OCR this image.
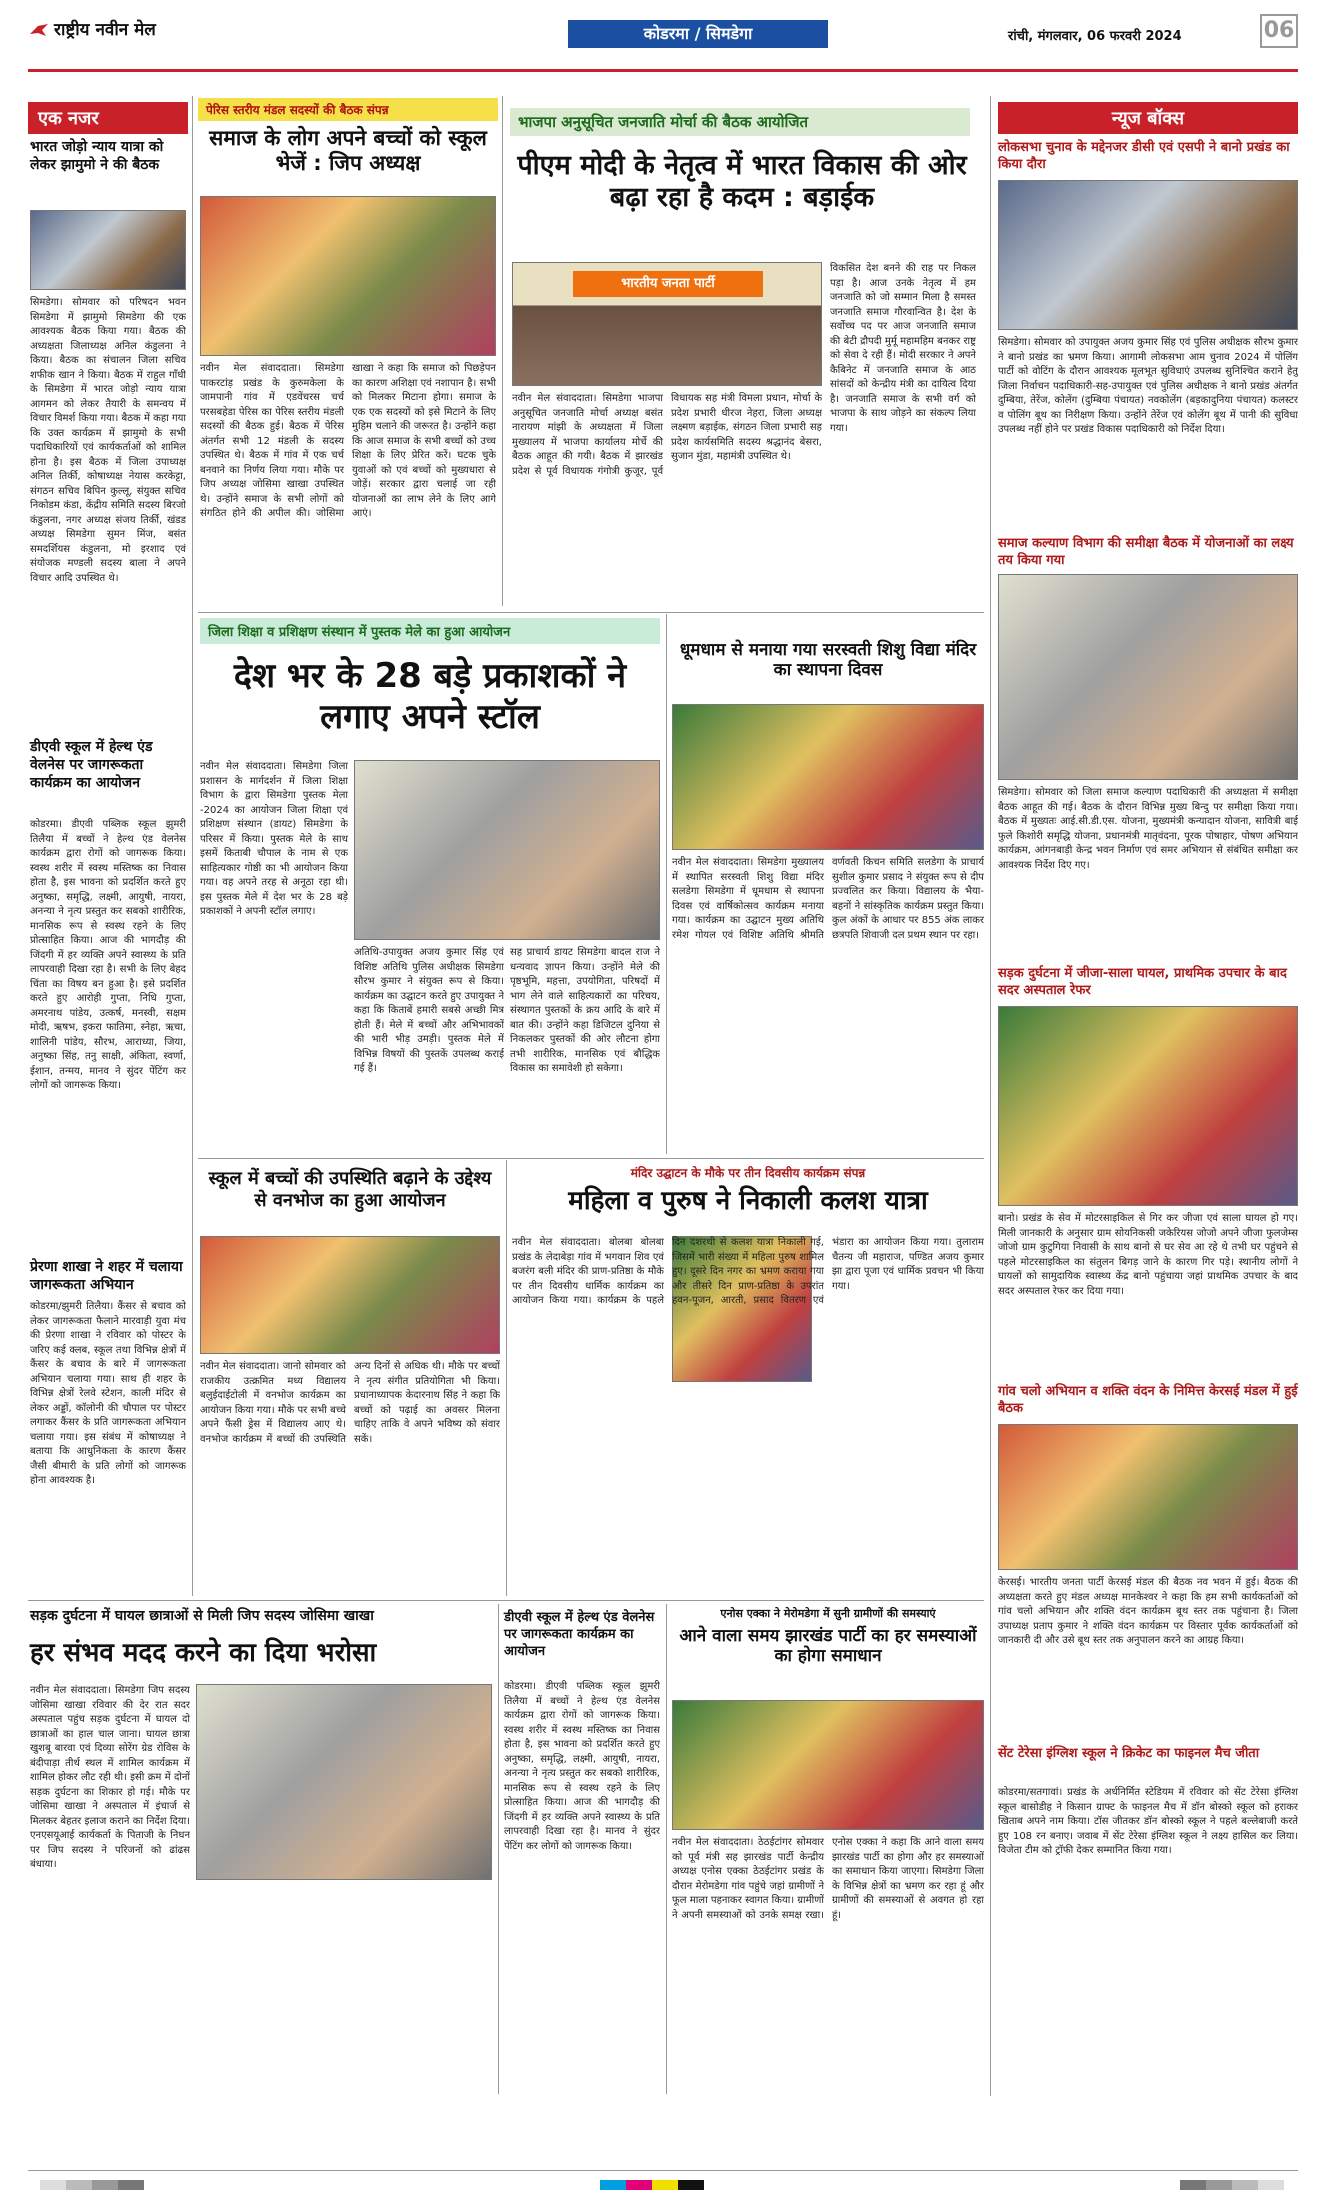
राष्ट्रीय नवीन मेल	कोडरमा / सिमडेगा	रांची, मंगलवार, 06 फरवरी 2024	06
एक नजर
भारत जोड़ो न्याय यात्रा को लेकर झामुमो ने की बैठक
सिमडेगा। सोमवार को परिषदन भवन सिमडेगा में झामुमो सिमडेगा की एक आवश्यक बैठक किया गया। बैठक की अध्यक्षता जिलाध्यक्ष अनिल कंडुलना ने किया। बैठक का संचालन जिला सचिव शफीक खान ने किया। बैठक में राहुल गाँधी के सिमडेगा में भारत जोड़ो न्याय यात्रा आगमन को लेकर तैयारी के समन्वय में विचार विमर्श किया गया। बैठक में कहा गया कि उक्त कार्यक्रम में झामुमो के सभी पदाधिकारियों एवं कार्यकर्ताओं को शामिल होना है। इस बैठक में जिला उपाध्यक्ष अनिल तिर्की, कोषाध्यक्ष नेयास करकेट्टा, संगठन सचिव बिपिन कुल्लू, संयुक्त सचिव निकोडम कंडा, केंद्रीय समिति सदस्य बिरजो कंडुलना, नगर अध्यक्ष संजय तिर्की, खंडड अध्यक्ष सिमडेगा सुमन मिंज, बसंत समदर्शियस कंडुलना, मो इरशाद एवं संयोजक मण्डली सदस्य बाला ने अपने विचार आदि उपस्थित थे।
डीएवी स्कूल में हेल्थ एंड वेलनेस पर जागरूकता कार्यक्रम का आयोजन
कोडरमा। डीएवी पब्लिक स्कूल झुमरी तिलैया में बच्चों ने हेल्थ एंड वेलनेस कार्यक्रम द्वारा रोगों को जागरूक किया। स्वस्थ शरीर में स्वस्थ मस्तिष्क का निवास होता है, इस भावना को प्रदर्शित करते हुए अनुष्का, समृद्धि, लक्ष्मी, आयुषी, नायरा, अनन्या ने नृत्य प्रस्तुत कर सबको शारीरिक, मानसिक रूप से स्वस्थ रहने के लिए प्रोत्साहित किया। आज की भागदौड़ की जिंदगी में हर व्यक्ति अपने स्वास्थ्य के प्रति लापरवाही दिखा रहा है। सभी के लिए बेहद चिंता का विषय बन हुआ है। इसे प्रदर्शित करते हुए आरोही गुप्ता, निधि गुप्ता, अमरनाथ पांडेय, उत्कर्ष, मनस्वी, सक्षम मोदी, ऋषभ, इकरा फातिमा, स्नेहा, ऋचा, शालिनी पांडेय, सौरभ, आराध्या, जिया, अनुष्का सिंह, तनु साक्षी, अंकिता, स्वर्णा, ईशान, तन्मय, मानव ने सुंदर पेंटिंग कर लोगों को जागरूक किया।
प्रेरणा शाखा ने शहर में चलाया जागरूकता अभियान
कोडरमा/झुमरी तिलैया। कैंसर से बचाव को लेकर जागरूकता फैलाने मारवाड़ी युवा मंच की प्रेरणा शाखा ने रविवार को पोस्टर के जरिए कई क्लब, स्कूल तथा विभिन्न क्षेत्रों में कैंसर के बचाव के बारे में जागरूकता अभियान चलाया गया। साथ ही शहर के विभिन्न क्षेत्रों रेलवे स्टेशन, काली मंदिर से लेकर अड्डों, कॉलोनी की चौपाल पर पोस्टर लगाकर कैंसर के प्रति जागरूकता अभियान चलाया गया। इस संबंध में कोषाध्यक्ष ने बताया कि आधुनिकता के कारण कैंसर जैसी बीमारी के प्रति लोगों को जागरूक होना आवश्यक है।
पेरिस स्तरीय मंडल सदस्यों की बैठक संपन्न
समाज के लोग अपने बच्चों को स्कूल भेजें : जिप अध्यक्ष
नवीन मेल संवाददाता। सिमडेगा पाकरटांड़ प्रखंड के कुरुमकेला के जामपानी गांव में एडवेंचरस चर्च परसबहेडा पेरिस का पेरिस स्तरीय मंडली सदस्यों की बैठक हुई। बैठक में पेरिस अंतर्गत सभी 12 मंडली के सदस्य उपस्थित थे। बैठक में गांव में एक चर्च बनवाने का निर्णय लिया गया। मौके पर जिप अध्यक्ष जोसिमा खाखा उपस्थित थे। उन्होंने समाज के सभी लोगों को संगठित होने की अपील की। जोसिमा खाखा ने कहा कि समाज को पिछड़ेपन का कारण अशिक्षा एवं नशापान है। सभी को मिलकर मिटाना होगा। समाज के एक एक सदस्यों को इसे मिटाने के लिए मुहिम चलाने की जरूरत है। उन्होंने कहा कि आज समाज के सभी बच्चों को उच्च शिक्षा के लिए प्रेरित करें। घटक चुके युवाओं को एवं बच्चों को मुख्यधारा से जोड़ें। सरकार द्वारा चलाई जा रही योजनाओं का लाभ लेने के लिए आगे आएं।
भाजपा अनुसूचित जनजाति मोर्चा की बैठक आयोजित
पीएम मोदी के नेतृत्व में भारत विकास की ओर बढ़ा रहा है कदम : बड़ाईक
भारतीय जनता पार्टी
नवीन मेल संवाददाता। सिमडेगा भाजपा अनुसूचित जनजाति मोर्चा अध्यक्ष बसंत नारायण मांझी के अध्यक्षता में जिला मुख्यालय में भाजपा कार्यालय मोर्चे की बैठक आहूत की गयी। बैठक में झारखंड प्रदेश से पूर्व विधायक गंगोत्री कुजूर, पूर्व विधायक सह मंत्री विमला प्रधान, मोर्चा के प्रदेश प्रभारी धीरज नेहरा, जिला अध्यक्ष लक्ष्मण बड़ाईक, संगठन जिला प्रभारी सह प्रदेश कार्यसमिति सदस्य श्रद्धानंद बेसरा, सुजान मुंडा, महामंत्री उपस्थित थे।
विकसित देश बनने की राह पर निकल पड़ा है। आज उनके नेतृत्व में हम जनजाति को जो सम्मान मिला है समस्त जनजाति समाज गौरवान्वित है। देश के सर्वोच्च पद पर आज जनजाति समाज की बेटी द्रौपदी मुर्मू महामहिम बनकर राष्ट्र को सेवा दे रही हैं। मोदी सरकार ने अपने कैबिनेट में जनजाति समाज के आठ सांसदों को केन्द्रीय मंत्री का दायित्व दिया है। जनजाति समाज के सभी वर्ग को भाजपा के साथ जोड़ने का संकल्प लिया गया।
न्यूज बॉक्स
लोकसभा चुनाव के मद्देनजर डीसी एवं एसपी ने बानो प्रखंड का किया दौरा
सिमडेगा। सोमवार को उपायुक्त अजय कुमार सिंह एवं पुलिस अधीक्षक सौरभ कुमार ने बानो प्रखंड का भ्रमण किया। आगामी लोकसभा आम चुनाव 2024 में पोलिंग पार्टी को वोटिंग के दौरान आवश्यक मूलभूत सुविधाएं उपलब्ध सुनिश्चित कराने हेतु जिला निर्वाचन पदाधिकारी-सह-उपायुक्त एवं पुलिस अधीक्षक ने बानो प्रखंड अंतर्गत दुम्बिया, तेरेंज, कोलेंग (दुम्बिया पंचायत) नवकोलेंग (बड़कादुनिया पंचायत) कलस्टर व पोलिंग बूथ का निरीक्षण किया। उन्होंने तेरेंज एवं कोलेंग बूथ में पानी की सुविधा उपलब्ध नहीं होने पर प्रखंड विकास पदाधिकारी को निर्देश दिया।
समाज कल्याण विभाग की समीक्षा बैठक में योजनाओं का लक्ष्य तय किया गया
सिमडेगा। सोमवार को जिला समाज कल्याण पदाधिकारी की अध्यक्षता में समीक्षा बैठक आहूत की गई। बैठक के दौरान विभिन्न मुख्य बिन्दु पर समीक्षा किया गया। बैठक में मुख्यतः आई.सी.डी.एस. योजना, मुख्यमंत्री कन्यादान योजना, सावित्री बाई फुले किशोरी समृद्धि योजना, प्रधानमंत्री मातृवंदना, पूरक पोषाहार, पोषण अभियान कार्यक्रम, आंगनबाड़ी केन्द्र भवन निर्माण एवं समर अभियान से संबंधित समीक्षा कर आवश्यक निर्देश दिए गए।
सड़क दुर्घटना में जीजा-साला घायल, प्राथमिक उपचार के बाद सदर अस्पताल रेफर
बानो। प्रखंड के सेव में मोटरसाइकिल से गिर कर जीजा एवं साला घायल हो गए। मिली जानकारी के अनुसार ग्राम सोयनिकसी जकेरियस जोजो अपने जीजा फुलजेम्स जोजो ग्राम कुटुगिया निवासी के साथ बानो से घर सेव आ रहे थे तभी घर पहुंचने से पहले मोटरसाइकिल का संतुलन बिगड़ जाने के कारण गिर पड़े। स्थानीय लोगों ने घायलों को सामुदायिक स्वास्थ्य केंद्र बानो पहुंचाया जहां प्राथमिक उपचार के बाद सदर अस्पताल रेफर कर दिया गया।
गांव चलो अभियान व शक्ति वंदन के निमित्त केरसई मंडल में हुई बैठक
केरसई। भारतीय जनता पार्टी केरसई मंडल की बैठक नव भवन में हुई। बैठक की अध्यक्षता करते हुए मंडल अध्यक्ष मानकेश्वर ने कहा कि हम सभी कार्यकर्ताओं को गांव चलो अभियान और शक्ति वंदन कार्यक्रम बूथ स्तर तक पहुंचाना है। जिला उपाध्यक्ष प्रताप कुमार ने शक्ति वंदन कार्यक्रम पर विस्तार पूर्वक कार्यकर्ताओं को जानकारी दी और उसे बूथ स्तर तक अनुपालन करने का आग्रह किया।
सेंट टेरेसा इंग्लिश स्कूल ने क्रिकेट का फाइनल मैच जीता
कोडरमा/सतगावां। प्रखंड के अर्धनिर्मित स्टेडियम में रविवार को सेंट टेरेसा इंग्लिश स्कूल बासोडीह ने किसान ग्राफ्ट के फाइनल मैच में डॉन बोस्को स्कूल को हराकर खिताब अपने नाम किया। टॉस जीतकर डॉन बोस्को स्कूल ने पहले बल्लेबाजी करते हुए 108 रन बनाए। जवाब में सेंट टेरेसा इंग्लिश स्कूल ने लक्ष्य हासिल कर लिया। विजेता टीम को ट्रॉफी देकर सम्मानित किया गया।
जिला शिक्षा व प्रशिक्षण संस्थान में पुस्तक मेले का हुआ आयोजन
देश भर के 28 बड़े प्रकाशकों ने लगाए अपने स्टॉल
नवीन मेल संवाददाता। सिमडेगा जिला प्रशासन के मार्गदर्शन में जिला शिक्षा विभाग के द्वारा सिमडेगा पुस्तक मेला -2024 का आयोजन जिला शिक्षा एवं प्रशिक्षण संस्थान (डायट) सिमडेगा के परिसर में किया। पुस्तक मेले के साथ इसमें किताबी चौपाल के नाम से एक साहित्यकार गोष्ठी का भी आयोजन किया गया। वह अपने तरह से अनूठा रहा थी। इस पुस्तक मेले में देश भर के 28 बड़े प्रकाशकों ने अपनी स्टॉल लगाए।
अतिथि-उपायुक्त अजय कुमार सिंह एवं विशिष्ट अतिथि पुलिस अधीक्षक सिमडेगा सौरभ कुमार ने संयुक्त रूप से किया। कार्यक्रम का उद्घाटन करते हुए उपायुक्त ने कहा कि किताबें हमारी सबसे अच्छी मित्र होती हैं। मेले में बच्चों और अभिभावकों की भारी भीड़ उमड़ी। पुस्तक मेले में विभिन्न विषयों की पुस्तकें उपलब्ध कराई गई हैं।
सह प्राचार्य डायट सिमडेगा बादल राज ने धन्यवाद ज्ञापन किया। उन्होंने मेले की पृष्ठभूमि, महत्ता, उपयोगिता, परिषदों में भाग लेने वाले साहित्यकारों का परिचय, संस्थागत पुस्तकों के क्रय आदि के बारे में बात की। उन्होंने कहा डिजिटल दुनिया से निकलकर पुस्तकों की ओर लौटना होगा तभी शारीरिक, मानसिक एवं बौद्धिक विकास का समावेशी हो सकेगा।
धूमधाम से मनाया गया सरस्वती शिशु विद्या मंदिर का स्थापना दिवस
नवीन मेल संवाददाता। सिमडेगा मुख्यालय में स्थापित सरस्वती शिशु विद्या मंदिर सलडेगा सिमडेगा में धूमधाम से स्थापना दिवस एवं वार्षिकोत्सव कार्यक्रम मनाया गया। कार्यक्रम का उद्घाटन मुख्य अतिथि रमेश गोयल एवं विशिष्ट अतिथि श्रीमति वर्णवती किचन समिति सलडेगा के प्राचार्य सुशील कुमार प्रसाद ने संयुक्त रूप से दीप प्रज्वलित कर किया। विद्यालय के भैया-बहनों ने सांस्कृतिक कार्यक्रम प्रस्तुत किया। कुल अंकों के आधार पर 855 अंक लाकर छत्रपति शिवाजी दल प्रथम स्थान पर रहा।
स्कूल में बच्चों की उपस्थिति बढ़ाने के उद्देश्य से वनभोज का हुआ आयोजन
नवीन मेल संवाददाता। जानो सोमवार को राजकीय उत्क्रमित मध्य विद्यालय बलुईदाईटोली में वनभोज कार्यक्रम का आयोजन किया गया। मौके पर सभी बच्चे अपने फैंसी ड्रेस में विद्यालय आए थे। वनभोज कार्यक्रम में बच्चों की उपस्थिति अन्य दिनों से अधिक थी। मौके पर बच्चों ने नृत्य संगीत प्रतियोगिता भी किया। प्रधानाध्यापक केदारनाथ सिंह ने कहा कि बच्चों को पढ़ाई का अवसर मिलना चाहिए ताकि वे अपने भविष्य को संवार सकें।
मंदिर उद्घाटन के मौके पर तीन दिवसीय कार्यक्रम संपन्न
महिला व पुरुष ने निकाली कलश यात्रा
नवीन मेल संवाददाता। बोलबा बोलबा प्रखंड के लेदाबेड़ा गांव में भगवान शिव एवं बजरंग बली मंदिर की प्राण-प्रतिष्ठा के मौके पर तीन दिवसीय धार्मिक कार्यक्रम का आयोजन किया गया। कार्यक्रम के पहले दिन दशरथी से कलश यात्रा निकाली गई, जिसमें भारी संख्या में महिला पुरुष शामिल हुए। दूसरे दिन नगर का भ्रमण कराया गया और तीसरे दिन प्राण-प्रतिष्ठा के उपरांत हवन-पूजन, आरती, प्रसाद वितरण एवं भंडारा का आयोजन किया गया। तुलाराम चैतन्य जी महाराज, पण्डित अजय कुमार झा द्वारा पूजा एवं धार्मिक प्रवचन भी किया गया।
सड़क दुर्घटना में घायल छात्राओं से मिली जिप सदस्य जोसिमा खाखा
हर संभव मदद करने का दिया भरोसा
नवीन मेल संवाददाता। सिमडेगा जिप सदस्य जोसिमा खाखा रविवार की देर रात सदर अस्पताल पहुंच सड़क दुर्घटना में घायल दो छात्राओं का हाल चाल जाना। घायल छात्रा खुशबू बारवा एवं दिव्या सोरेंग ग्रेड रोविस के बंदीपाड़ा तीर्थ स्थल में शामिल कार्यक्रम में शामिल होकर लौट रही थी। इसी क्रम में दोनों सड़क दुर्घटना का शिकार हो गई। मौके पर जोसिमा खाखा ने अस्पताल में इंचार्ज से मिलकर बेहतर इलाज कराने का निर्देश दिया। एनएसयूआई कार्यकर्ता के पिताजी के निधन पर जिप सदस्य ने परिजनों को ढांढस बंधाया।
डीएवी स्कूल में हेल्थ एंड वेलनेस पर जागरूकता कार्यक्रम का आयोजन
कोडरमा। डीएवी पब्लिक स्कूल झुमरी तिलैया में बच्चों ने हेल्थ एंड वेलनेस कार्यक्रम द्वारा रोगों को जागरूक किया। स्वस्थ शरीर में स्वस्थ मस्तिष्क का निवास होता है, इस भावना को प्रदर्शित करते हुए अनुष्का, समृद्धि, लक्ष्मी, आयुषी, नायरा, अनन्या ने नृत्य प्रस्तुत कर सबको शारीरिक, मानसिक रूप से स्वस्थ रहने के लिए प्रोत्साहित किया। आज की भागदौड़ की जिंदगी में हर व्यक्ति अपने स्वास्थ्य के प्रति लापरवाही दिखा रहा है। मानव ने सुंदर पेंटिंग कर लोगों को जागरूक किया।
एनोस एक्का ने मेरोमडेगा में सुनी ग्रामीणों की समस्याएं
आने वाला समय झारखंड पार्टी का हर समस्याओं का होगा समाधान
नवीन मेल संवाददाता। ठेठईटांगर सोमवार को पूर्व मंत्री सह झारखंड पार्टी केन्द्रीय अध्यक्ष एनोस एक्का ठेठईटांगर प्रखंड के दौरान मेरोमडेगा गांव पहुंचे जहां ग्रामीणों ने फूल माला पहनाकर स्वागत किया। ग्रामीणों ने अपनी समस्याओं को उनके समक्ष रखा। एनोस एक्का ने कहा कि आने वाला समय झारखंड पार्टी का होगा और हर समस्याओं का समाधान किया जाएगा। सिमडेगा जिला के विभिन्न क्षेत्रों का भ्रमण कर रहा हूं और ग्रामीणों की समस्याओं से अवगत हो रहा हूं।
